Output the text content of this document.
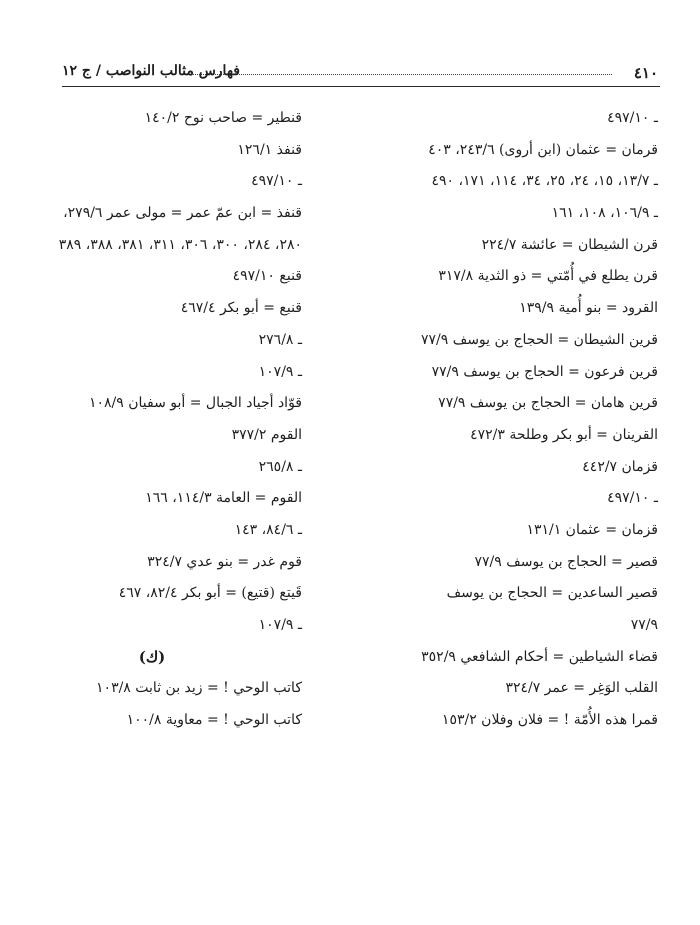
٤١٠
فهارس مثالب النواصب / ج ١٢
ـ ٤٩٧/١٠
قرمان = عثمان (ابن أروى) ٢٤٣/٦، ٤٠٣
ـ ١٣/٧، ١٥، ٢٤، ٢٥، ٣٤، ١١٤، ١٧١، ٤٩٠
ـ ١٠٦/٩، ١٠٨، ١٦١
قرن الشيطان = عائشة ٢٢٤/٧
قرن يطلع في أُمّتي = ذو الثدية ٣١٧/٨
القرود = بنو أُمية ١٣٩/٩
قرين الشيطان = الحجاج بن يوسف ٧٧/٩
قرين فرعون = الحجاج بن يوسف ٧٧/٩
قرين هامان = الحجاج بن يوسف ٧٧/٩
القرينان = أبو بكر وطلحة ٤٧٢/٣
قزمان ٤٤٢/٧
ـ ٤٩٧/١٠
قزمان = عثمان ١٣١/١
قصير = الحجاج بن يوسف ٧٧/٩
قصير الساعدين = الحجاج بن يوسف
٧٧/٩
قضاء الشياطين = أحكام الشافعي ٣٥٢/٩
القلب الوَغِر = عمر ٣٢٤/٧
قمرا هذه الأُمّة ! = فلان وفلان ١٥٣/٢
قنطير = صاحب نوح ١٤٠/٢
قنفذ ١٢٦/١
ـ ٤٩٧/١٠
قنفذ = ابن عمّ عمر = مولى عمر ٢٧٩/٦،
٢٨٠، ٢٨٤، ٣٠٠، ٣٠٦، ٣١١، ٣٨١، ٣٨٨، ٣٨٩
قنبع ٤٩٧/١٠
قنبع = أبو بكر ٤٦٧/٤
ـ ٢٧٦/٨
ـ ١٠٧/٩
قوّاد أجياد الجبال = أبو سفيان ١٠٨/٩
القوم ٣٧٧/٢
ـ ٢٦٥/٨
القوم = العامة ١١٤/٣، ١٦٦
ـ ٨٤/٦، ١٤٣
قوم غدر = بنو عدي ٣٢٤/٧
قَيتع (قتيع) = أبو بكر ٨٢/٤، ٤٦٧
ـ ١٠٧/٩
(ك)
كاتب الوحي ! = زيد بن ثابت ١٠٣/٨
كاتب الوحي ! = معاوية ١٠٠/٨
